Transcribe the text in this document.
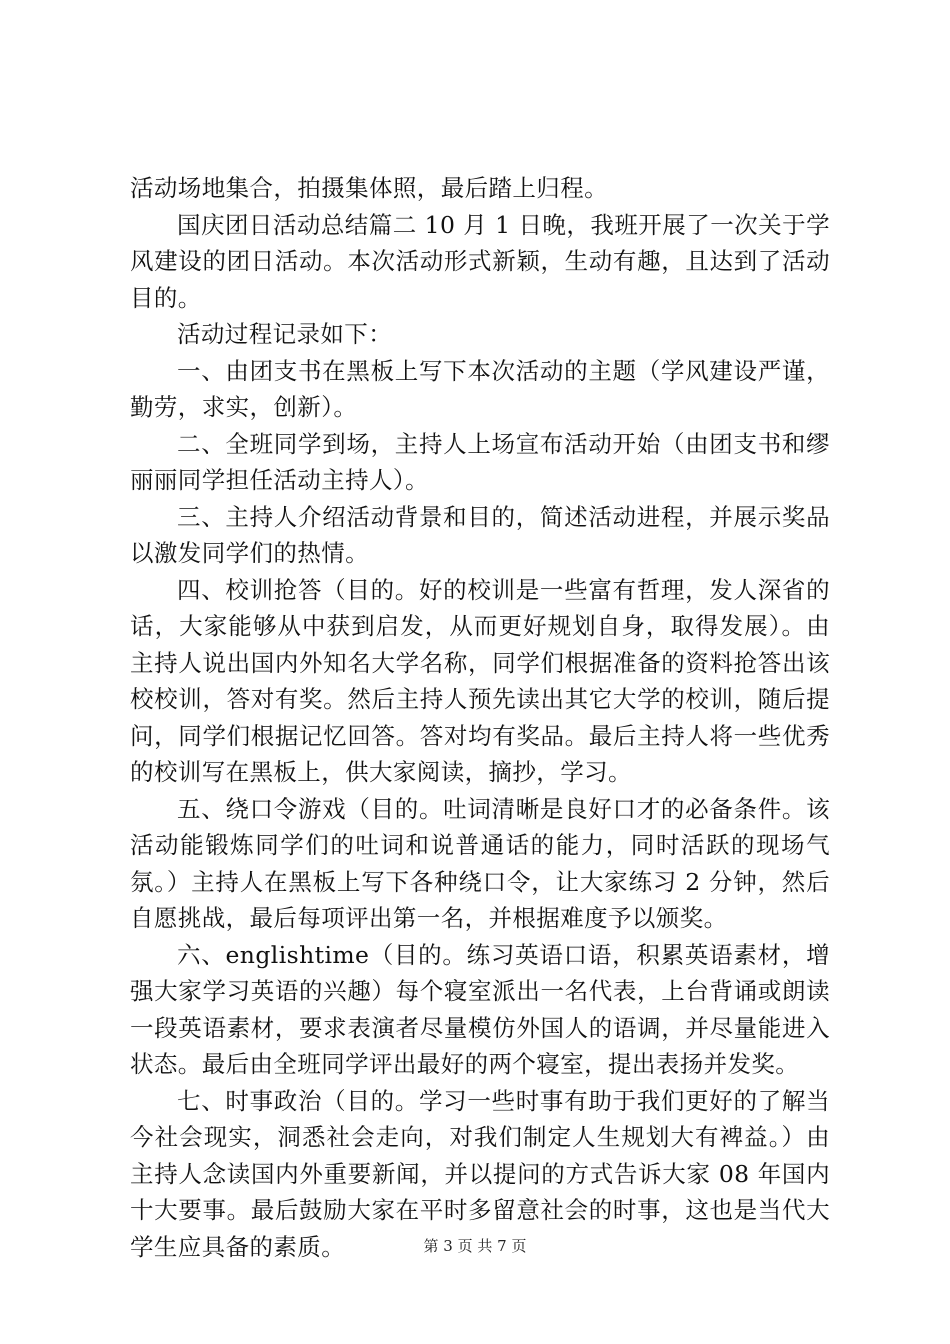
活动场地集合，拍摄集体照，最后踏上归程。

国庆团日活动总结篇二 10 月 1 日晚，我班开展了一次关于学风建设的团日活动。本次活动形式新颖，生动有趣，且达到了活动目的。

活动过程记录如下：

一、由团支书在黑板上写下本次活动的主题（学风建设严谨，勤劳，求实，创新）。

二、全班同学到场，主持人上场宣布活动开始（由团支书和缪丽丽同学担任活动主持人）。

三、主持人介绍活动背景和目的，简述活动进程，并展示奖品以激发同学们的热情。

四、校训抢答（目的。好的校训是一些富有哲理，发人深省的话，大家能够从中获到启发，从而更好规划自身，取得发展）。由主持人说出国内外知名大学名称，同学们根据准备的资料抢答出该校校训，答对有奖。然后主持人预先读出其它大学的校训，随后提问，同学们根据记忆回答。答对均有奖品。最后主持人将一些优秀的校训写在黑板上，供大家阅读，摘抄，学习。

五、绕口令游戏（目的。吐词清晰是良好口才的必备条件。该活动能锻炼同学们的吐词和说普通话的能力，同时活跃的现场气氛。）主持人在黑板上写下各种绕口令，让大家练习 2 分钟，然后自愿挑战，最后每项评出第一名，并根据难度予以颁奖。

六、englishtime（目的。练习英语口语，积累英语素材，增强大家学习英语的兴趣）每个寝室派出一名代表，上台背诵或朗读一段英语素材，要求表演者尽量模仿外国人的语调，并尽量能进入状态。最后由全班同学评出最好的两个寝室，提出表扬并发奖。

七、时事政治（目的。学习一些时事有助于我们更好的了解当今社会现实，洞悉社会走向，对我们制定人生规划大有裨益。）由主持人念读国内外重要新闻，并以提问的方式告诉大家 08 年国内十大要事。最后鼓励大家在平时多留意社会的时事，这也是当代大学生应具备的素质。	第 3 页 共 7 页
